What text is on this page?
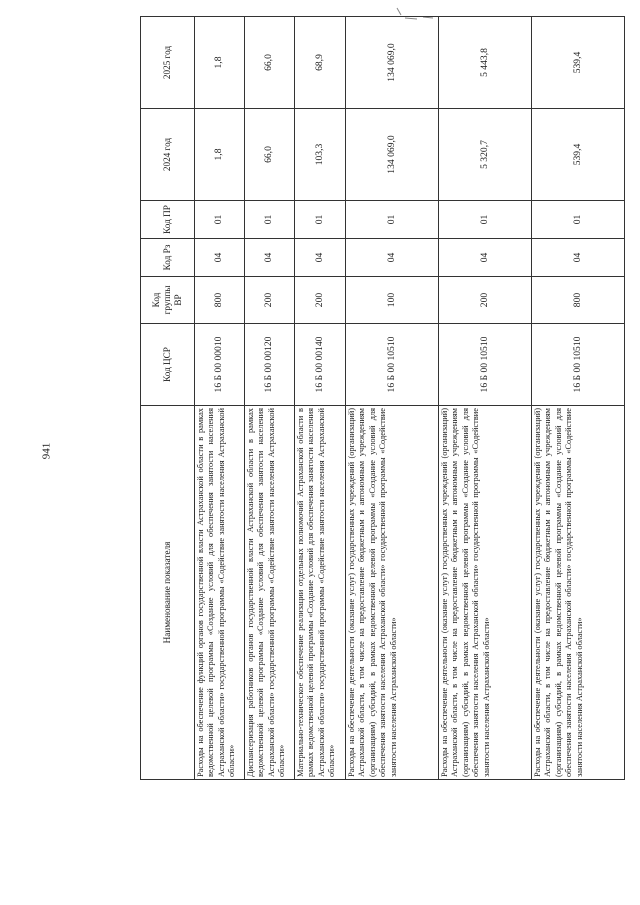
941
Наименование показателя	Код ЦСР	Код группы ВР	Код Рз	Код ПР	2024 год	2025 год
Расходы на обеспечение функций органов государственной власти Астраханской области в рамках ведомственной целевой программы «Создание условий для обеспечения занятости населения Астраханской области» государственной программы «Содействие занятости населения Астраханской области»	16 Б 00 00010	800	04	01	1,8	1,8
Диспансеризация работников органов государственной власти Астраханской области в рамках ведомственной целевой программы «Создание условий для обеспечения занятости населения Астраханской области» государственной программы «Содействие занятости населения Астраханской области»	16 Б 00 00120	200	04	01	66,0	66,0
Материально-техническое обеспечение реализации отдельных полномочий Астраханской области в рамках ведомственной целевой программы «Создание условий для обеспечения занятости населения Астраханской области» государственной программы «Содействие занятости населения Астраханской области»	16 Б 00 00140	200	04	01	103,3	68,9
Расходы на обеспечение деятельности (оказание услуг) государственных учреждений (организаций) Астраханской области, в том числе на предоставление бюджетным и автономным учреждениям (организациям) субсидий, в рамках ведомственной целевой программы «Создание условий для обеспечения занятости населения Астраханской области» государственной программы «Содействие занятости населения Астраханской области»	16 Б 00 10510	100	04	01	134 069,0	134 069,0
Расходы на обеспечение деятельности (оказание услуг) государственных учреждений (организаций) Астраханской области, в том числе на предоставление бюджетным и автономным учреждениям (организациям) субсидий, в рамках ведомственной целевой программы «Создание условий для обеспечения занятости населения Астраханской области» государственной программы «Содействие занятости населения Астраханской области»	16 Б 00 10510	200	04	01	5 320,7	5 443,8
Расходы на обеспечение деятельности (оказание услуг) государственных учреждений (организаций) Астраханской области, в том числе на предоставление бюджетным и автономным учреждениям (организациям) субсидий, в рамках ведомственной целевой программы «Создание условий для обеспечения занятости населения Астраханской области» государственной программы «Содействие занятости населения Астраханской области»	16 Б 00 10510	800	04	01	539,4	539,4
